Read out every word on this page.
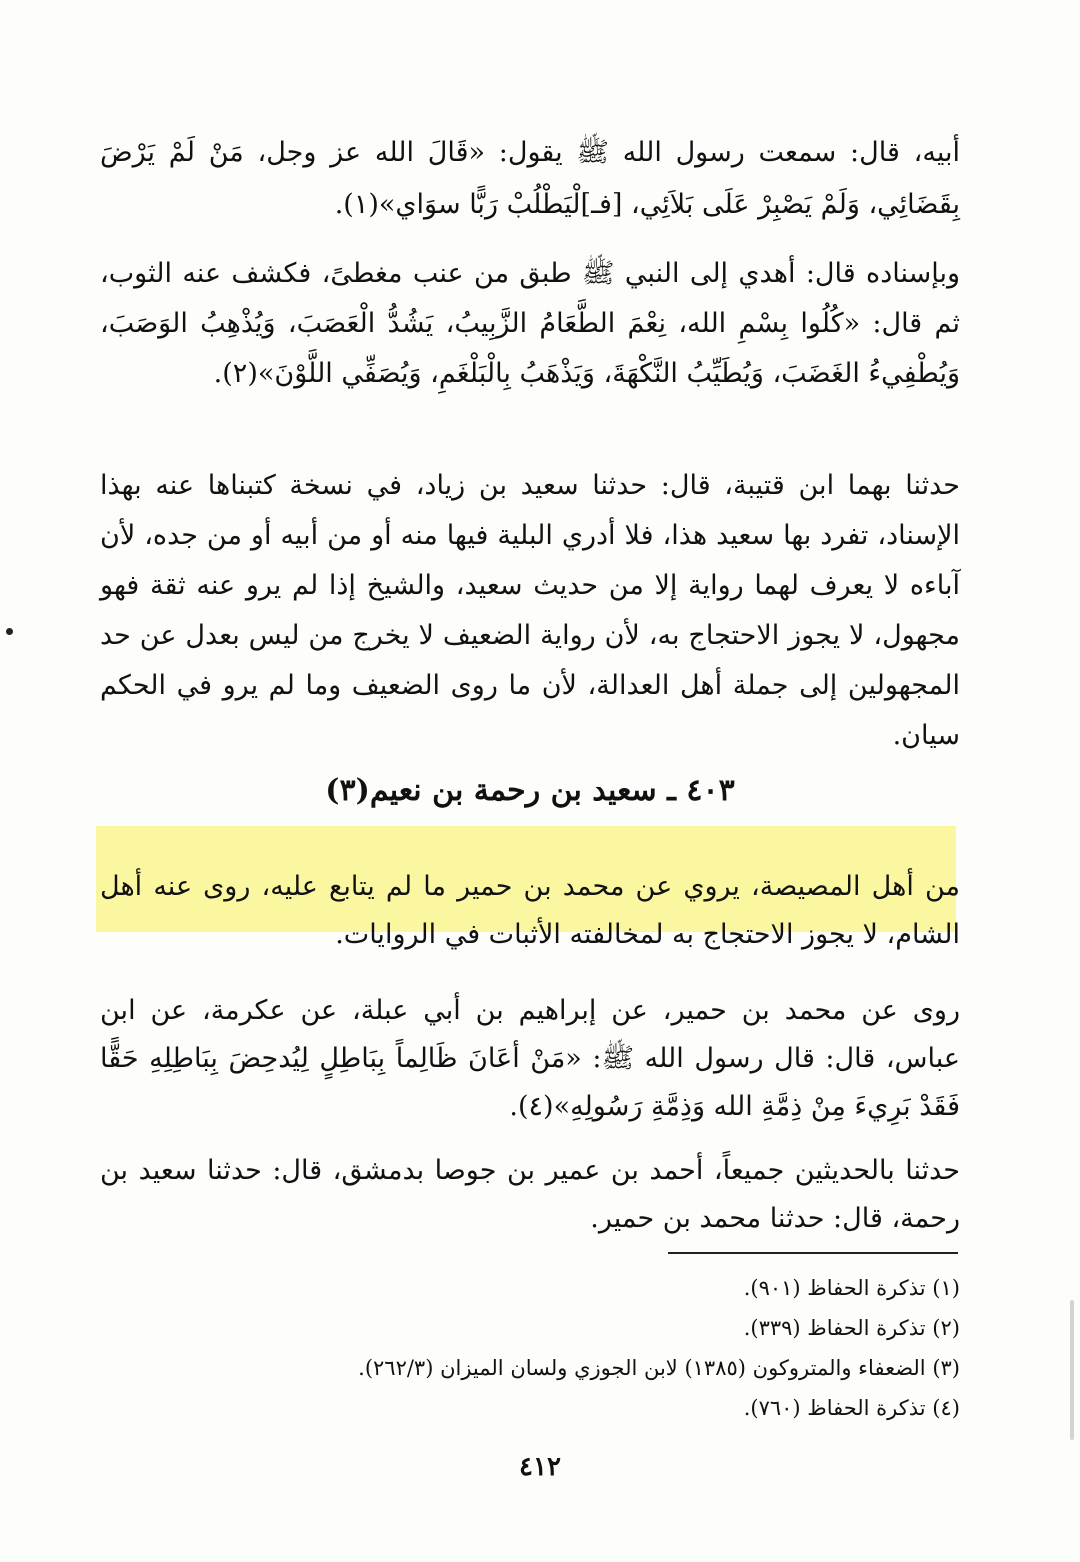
أبيه، قال: سمعت رسول الله ﷺ يقول: «قَالَ الله عز وجل، مَنْ لَمْ يَرْضَ بِقَضَائِي، وَلَمْ يَصْبِرْ عَلَى بَلاَئِي، [فـ]لْيَطْلُبْ رَبًّا سوَاي»(١).

وبإسناده قال: أهدي إلى النبي ﷺ طبق من عنب مغطىً، فكشف عنه الثوب، ثم قال: «كُلُوا بِسْمِ الله، نِعْمَ الطَّعَامُ الزَّبِيبُ، يَشُدُّ الْعَصَبَ، وَيُذْهِبُ الوَصَبَ، وَيُطْفِيءُ الغَضَبَ، وَيُطَيِّبُ النَّكْهَةَ، وَيَذْهَبُ بِالْبَلْغَمِ، وَيُصَفِّي اللَّوْنَ»(٢).

حدثنا بهما ابن قتيبة، قال: حدثنا سعيد بن زياد، في نسخة كتبناها عنه بهذا الإسناد، تفرد بها سعيد هذا، فلا أدري البلية فيها منه أو من أبيه أو من جده، لأن آباءه لا يعرف لهما رواية إلا من حديث سعيد، والشيخ إذا لم يرو عنه ثقة فهو مجهول، لا يجوز الاحتجاج به، لأن رواية الضعيف لا يخرج من ليس بعدل عن حد المجهولين إلى جملة أهل العدالة، لأن ما روى الضعيف وما لم يرو في الحكم سيان.

٤٠٣ ـ سعيد بن رحمة بن نعيم(٣)

من أهل المصيصة، يروي عن محمد بن حمير ما لم يتابع عليه، روى عنه أهل الشام، لا يجوز الاحتجاج به لمخالفته الأثبات في الروايات.

روى عن محمد بن حمير، عن إبراهيم بن أبي عبلة، عن عكرمة، عن ابن عباس، قال: قال رسول الله ﷺ: «مَنْ أعَانَ ظَالِماً بِبَاطِلٍ لِيُدحِضَ بِبَاطِلِهِ حَقًّا فَقَدْ بَرِيءَ مِنْ ذِمَّةِ الله وَذِمَّةِ رَسُولِهِ»(٤).

حدثنا بالحديثين جميعاً، أحمد بن عمير بن جوصا بدمشق، قال: حدثنا سعيد بن رحمة، قال: حدثنا محمد بن حمير.

(١) تذكرة الحفاظ (٩٠١).
(٢) تذكرة الحفاظ (٣٣٩).
(٣) الضعفاء والمتروكون (١٣٨٥) لابن الجوزي ولسان الميزان (٢٦٢/٣).
(٤) تذكرة الحفاظ (٧٦٠).
٤١٢
